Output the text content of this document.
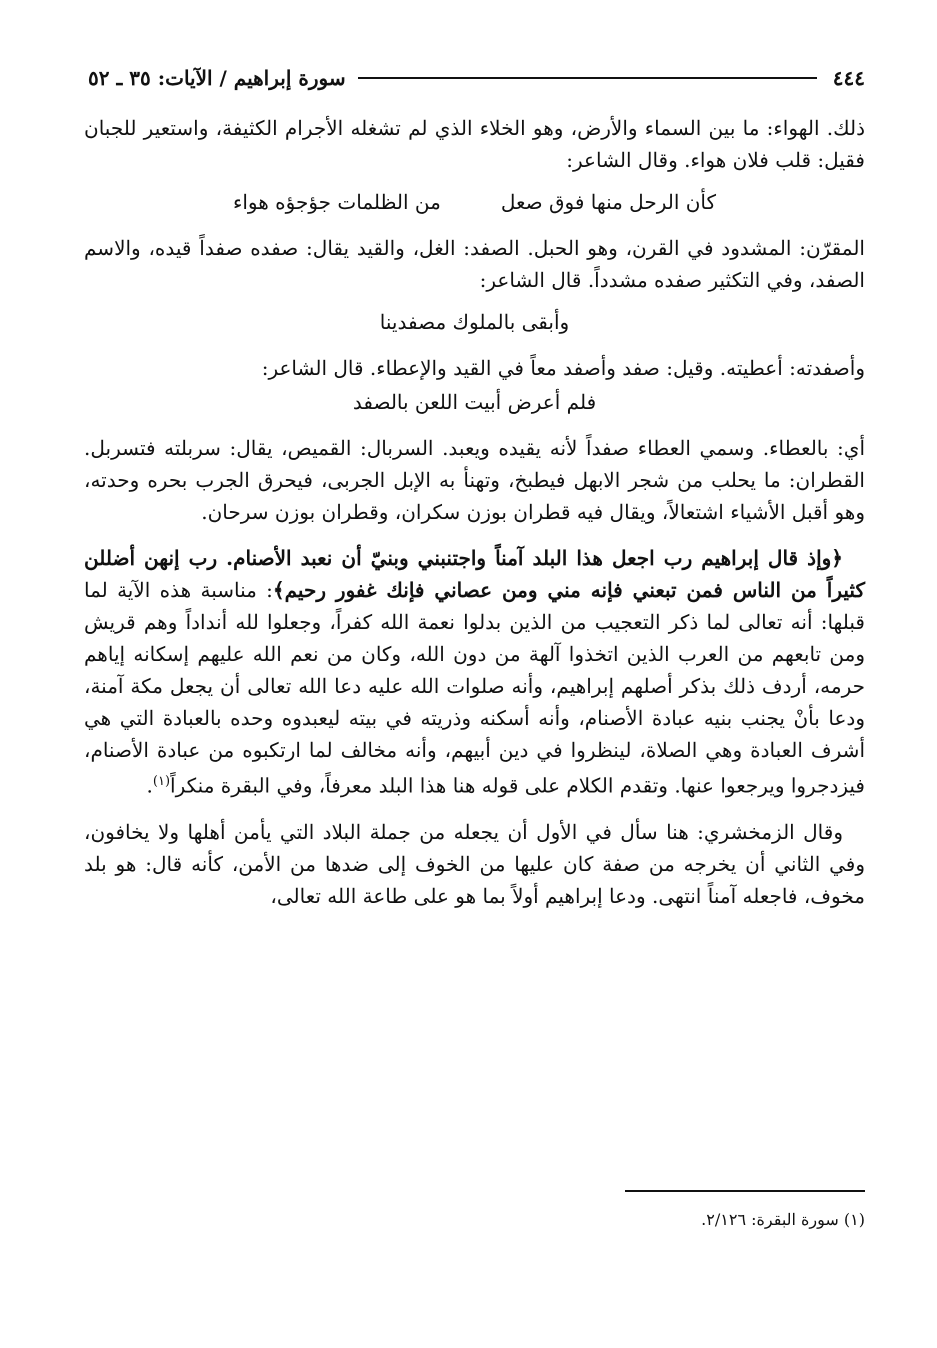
٤٤٤
سورة إبراهيم / الآيات: ٣٥ ـ ٥٢

ذلك. الهواء: ما بين السماء والأرض، وهو الخلاء الذي لم تشغله الأجرام الكثيفة، واستعير للجبان فقيل: قلب فلان هواء. وقال الشاعر:

كأن الرحل منها فوق صعل
من الظلمات جؤجؤه هواء

المقرّن: المشدود في القرن، وهو الحبل. الصفد: الغل، والقيد يقال: صفده صفداً قيده، والاسم الصفد، وفي التكثير صفده مشدداً. قال الشاعر:

وأبقى بالملوك مصفدينا

وأصفدته: أعطيته. وقيل: صفد وأصفد معاً في القيد والإعطاء. قال الشاعر:

فلم أعرض أبيت اللعن بالصفد

أي: بالعطاء. وسمي العطاء صفداً لأنه يقيده ويعبد. السربال: القميص، يقال: سربلته فتسربل. القطران: ما يحلب من شجر الابهل فيطبخ، وتهنأ به الإبل الجربى، فيحرق الجرب بحره وحدته، وهو أقبل الأشياء اشتعالاً، ويقال فيه قطران بوزن سكران، وقطران بوزن سرحان.

﴿وإذ قال إبراهيم رب اجعل هذا البلد آمناً واجتنبني وبنيّ أن نعبد الأصنام. رب إنهن أضللن كثيراً من الناس فمن تبعني فإنه مني ومن عصاني فإنك غفور رحيم﴾: مناسبة هذه الآية لما قبلها: أنه تعالى لما ذكر التعجيب من الذين بدلوا نعمة الله كفراً، وجعلوا لله أنداداً وهم قريش ومن تابعهم من العرب الذين اتخذوا آلهة من دون الله، وكان من نعم الله عليهم إسكانه إياهم حرمه، أردف ذلك بذكر أصلهم إبراهيم، وأنه صلوات الله عليه دعا الله تعالى أن يجعل مكة آمنة، ودعا بأنْ يجنب بنيه عبادة الأصنام، وأنه أسكنه وذريته في بيته ليعبدوه وحده بالعبادة التي هي أشرف العبادة وهي الصلاة، لينظروا في دين أبيهم، وأنه مخالف لما ارتكبوه من عبادة الأصنام، فيزدجروا ويرجعوا عنها. وتقدم الكلام على قوله هنا هذا البلد معرفاً، وفي البقرة منكراً$^{(١)}$.

وقال الزمخشري: هنا سأل في الأول أن يجعله من جملة البلاد التي يأمن أهلها ولا يخافون، وفي الثاني أن يخرجه من صفة كان عليها من الخوف إلى ضدها من الأمن، كأنه قال: هو بلد مخوف، فاجعله آمناً انتهى. ودعا إبراهيم أولاً بما هو على طاعة الله تعالى،

(١) سورة البقرة: ٢/١٢٦.
